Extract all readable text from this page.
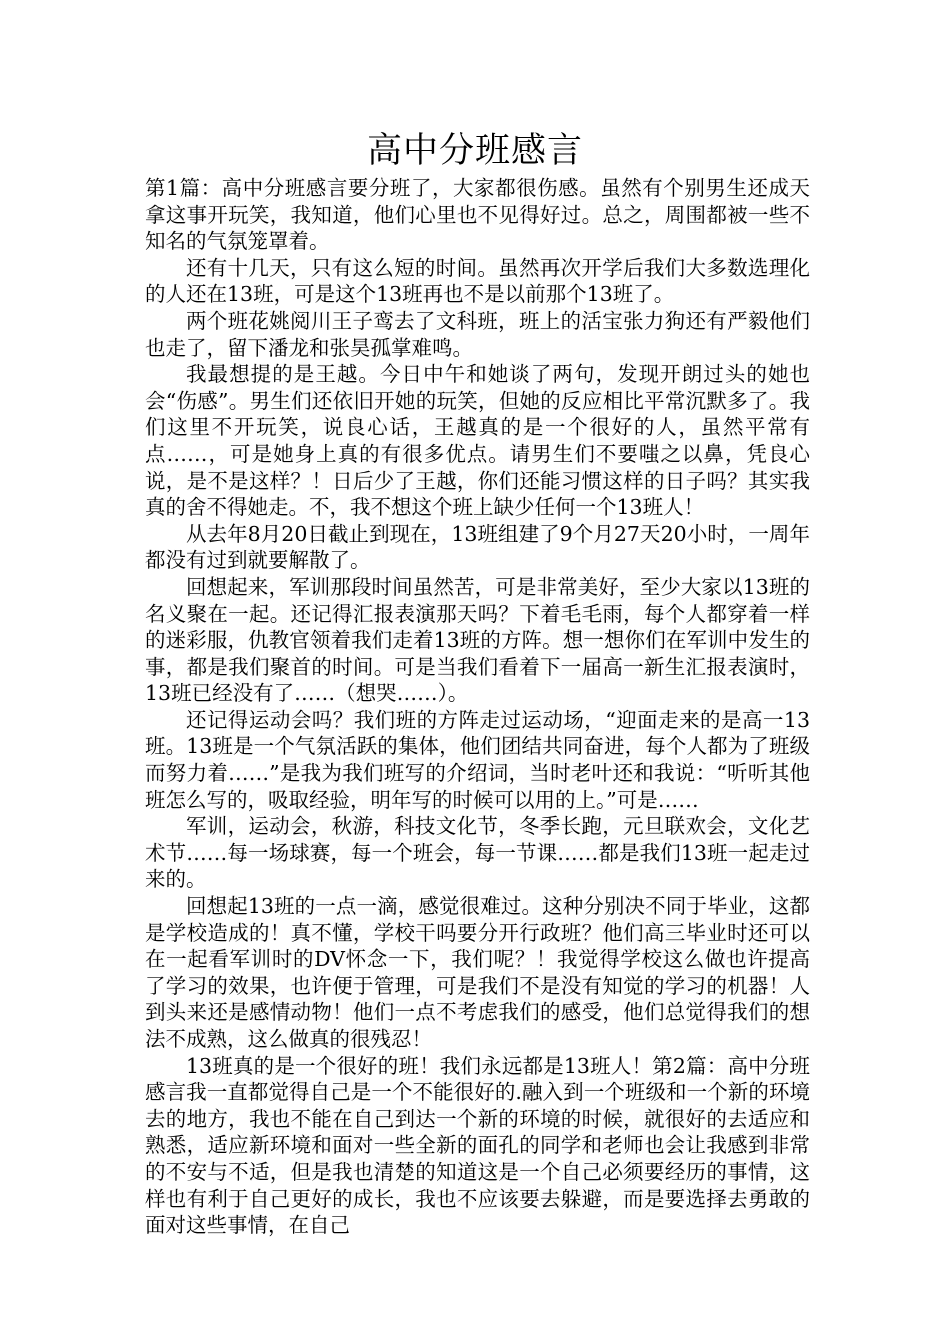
高中分班感言

第1篇：高中分班感言要分班了，大家都很伤感。虽然有个别男生还成天拿这事开玩笑，我知道，他们心里也不见得好过。总之，周围都被一些不知名的气氛笼罩着。

还有十几天，只有这么短的时间。虽然再次开学后我们大多数选理化的人还在13班，可是这个13班再也不是以前那个13班了。

两个班花姚阅川王子鸾去了文科班，班上的活宝张力狗还有严毅他们也走了，留下潘龙和张昊孤掌难鸣。

我最想提的是王越。今日中午和她谈了两句，发现开朗过头的她也会“伤感”。男生们还依旧开她的玩笑，但她的反应相比平常沉默多了。我们这里不开玩笑，说良心话，王越真的是一个很好的人，虽然平常有点……，可是她身上真的有很多优点。请男生们不要嗤之以鼻，凭良心说，是不是这样？！日后少了王越，你们还能习惯这样的日子吗？其实我真的舍不得她走。不，我不想这个班上缺少任何一个13班人！

从去年8月20日截止到现在，13班组建了9个月27天20小时，一周年都没有过到就要解散了。

回想起来，军训那段时间虽然苦，可是非常美好，至少大家以13班的名义聚在一起。还记得汇报表演那天吗？下着毛毛雨，每个人都穿着一样的迷彩服，仇教官领着我们走着13班的方阵。想一想你们在军训中发生的事，都是我们聚首的时间。可是当我们看着下一届高一新生汇报表演时，13班已经没有了……（想哭……）。

还记得运动会吗？我们班的方阵走过运动场，“迎面走来的是高一13班。13班是一个气氛活跃的集体，他们团结共同奋进，每个人都为了班级而努力着……”是我为我们班写的介绍词，当时老叶还和我说：“听听其他班怎么写的，吸取经验，明年写的时候可以用的上。”可是……

军训，运动会，秋游，科技文化节，冬季长跑，元旦联欢会，文化艺术节……每一场球赛，每一个班会，每一节课……都是我们13班一起走过来的。

回想起13班的一点一滴，感觉很难过。这种分别决不同于毕业，这都是学校造成的！真不懂，学校干吗要分开行政班？他们高三毕业时还可以在一起看军训时的DV怀念一下，我们呢？！我觉得学校这么做也许提高了学习的效果，也许便于管理，可是我们不是没有知觉的学习的机器！人到头来还是感情动物！他们一点不考虑我们的感受，他们总觉得我们的想法不成熟，这么做真的很残忍！

13班真的是一个很好的班！我们永远都是13班人！第2篇：高中分班感言我一直都觉得自己是一个不能很好的.融入到一个班级和一个新的环境去的地方，我也不能在自己到达一个新的环境的时候，就很好的去适应和熟悉，适应新环境和面对一些全新的面孔的同学和老师也会让我感到非常的不安与不适，但是我也清楚的知道这是一个自己必须要经历的事情，这样也有利于自己更好的成长，我也不应该要去躲避，而是要选择去勇敢的面对这些事情，在自己
